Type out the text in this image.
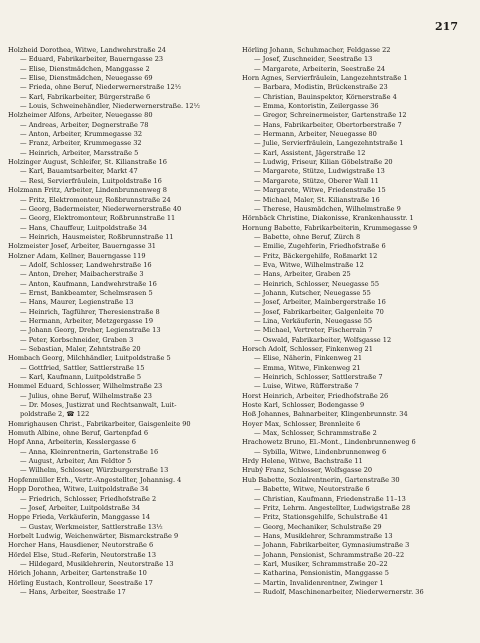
217
Holzheid Dorothea, Witwe, Landwehrstraße 24
— Eduard, Fabrikarbeiter, Bauerngasse 23
— Elise, Dienstmädchen, Manggasse 2
— Elise, Dienstmädchen, Neuegasse 69
— Frieda, ohne Beruf, Niederwernerstraße 12½
— Karl, Fabrikarbeiter, Bürgerstraße 6
— Louis, Schweinehändler, Niederwernerstraße. 12½
Holzheimer Alfons, Arbeiter, Neuegasse 80
— Andreas, Arbeiter, Degnerstraße 78
— Anton, Arbeiter, Krummegasse 32
— Franz, Arbeiter, Krummegasse 32
— Heinrich, Arbeiter, Marsstraße 5
Holzinger August, Schleifer, St. Kilianstraße 16
— Karl, Bauamtsarbeiter, Markt 47
— Resi, Servierfräulein, Luitpoldstraße 16
Holzmann Fritz, Arbeiter, Lindenbrunnenweg 8
— Fritz, Elektromonteur, Roßbrunnstraße 24
— Georg, Badermeister, Niederwernerstraße 40
— Georg, Elektromonteur, Roßbrunnstraße 11
— Hans, Chauffeur, Luitpoldstraße 34
— Heinrich, Hausmeister, Roßbrunnstraße 11
Holzmeister Josef, Arbeiter, Bauerngasse 31
Holzner Adam, Kellner, Bauerngasse 119
— Adolf, Schlosser, Landwehrstraße 16
— Anton, Dreher, Maibacherstraße 3
— Anton, Kaufmann, Landwehrstraße 16
— Ernst, Bankbeamter, Schelmsrasen 5
— Hans, Maurer, Legienstraße 13
— Heinrich, Tagführer, Theresienstraße 8
— Hermann, Arbeiter, Metzgergasse 19
— Johann Georg, Dreher, Legienstraße 13
— Peter, Korbschneider, Graben 3
— Sebastian, Maler, Zehntstraße 20
Hombach Georg, Milchhändler, Luitpoldstraße 5
— Gottfried, Sattler, Sattlerstraße 15
— Karl, Kaufmann, Luitpoldstraße 5
Hommel Eduard, Schlosser, Wilhelmstraße 23
— Julius, ohne Beruf, Wilhelmstraße 23
— Dr. Moses, Justizrat und Rechtsanwalt, Luit-
poldstraße 2, ☎ 122
Homrighausen Christ., Fabrikarbeiter, Gaisgenleite 90
Homuth Albine, ohne Beruf, Gartenpfad 6
Hopf Anna, Arbeiterin, Kesslergasse 6
— Anna, Kleinrentnerin, Gartenstraße 16
— August, Arbeiter, Am Feldtor 5
— Wilhelm, Schlosser, Würzburgerstraße 13
Hopfenmüller Erh., Vertr.-Angestellter, Johannisg. 4
Hopp Dorothea, Witwe, Luitpoldstraße 34
— Friedrich, Schlosser, Friedhofstraße 2
— Josef, Arbeiter, Luitpoldstraße 34
Hoppe Frieda, Verkäuferin, Manggasse 14
— Gustav, Werkmeister, Sattlerstraße 13½
Horbelt Ludwig, Weichenwärter, Bismarckstraße 9
Horcher Hans, Hausdiener, Neutorstraße 6
Hördel Else, Stud.-Referin, Neutorstraße 13
— Hildegard, Musiklehrerin, Neutorstraße 13
Hörich Johann, Arbeiter, Gartenstraße 10
Hörling Eustach, Kontrolleur, Seestraße 17
— Hans, Arbeiter, Seestraße 17
Hörling Johann, Schuhmacher, Feldgasse 22
— Josef, Zuschneider, Seestraße 13
— Margarete, Arbeiterin, Seestraße 24
Horn Agnes, Servierfräulein, Langezehntstraße 1
— Barbara, Modistin, Brückenstraße 23
— Christian, Bauinspektor, Körnerstraße 4
— Emma, Kontoristin, Zeilergasse 36
— Gregor, Schreinermeister, Gartenstraße 12
— Hans, Fabrikarbeiter, Obertorberstraße 7
— Hermann, Arbeiter, Neuegasse 80
— Julie, Servierfräulein, Langezehntstraße 1
— Karl, Assistent, Jägerstraße 12
— Ludwig, Friseur, Kilian Göbelstraße 20
— Margarete, Stütze, Ludwigstraße 13
— Margarete, Stütze, Oberer Wall 11
— Margarete, Witwe, Friedenstraße 15
— Michael, Maler, St. Kilianstraße 16
— Therese, Hausmädchen, Wilhelmstraße 9
Hörnbäck Christine, Diakonisse, Krankenhausstr. 1
Hornung Babette, Fabrikarbeiterin, Krummegasse 9
— Babette, ohne Beruf, Zürch 8
— Emilie, Zugehferin, Friedhofstraße 6
— Fritz, Bäckergehilfe, Roßmarkt 12
— Eva, Witwe, Wilhelmstraße 12
— Hans, Arbeiter, Graben 25
— Heinrich, Schlosser, Neuegasse 55
— Johann, Kutscher, Neuegasse 55
— Josef, Arbeiter, Mainbergerstraße 16
— Josef, Fabrikarbeiter, Galgenleite 70
— Lina, Verkäuferin, Neuegasse 55
— Michael, Vertreter, Fischerrain 7
— Oswald, Fabrikarbeiter, Wolfsgasse 12
Horsch Adolf, Schlosser, Finkenweg 21
— Elise, Näherin, Finkenweg 21
— Emma, Witwe, Finkenweg 21
— Heinrich, Schlosser, Sattlerstraße 7
— Luise, Witwe, Rüfferstraße 7
Horst Heinrich, Arbeiter, Friedhofstraße 26
Hoste Karl, Schlosser, Bodengasse 9
Hoß Johannes, Bahnarbeiter, Klingenbrunnstr. 34
Hoyer Max, Schlosser, Brennleite 6
— Max, Schlosser, Schrammstraße 2
Hrachowetz Bruno, El.-Mont., Lindenbrunnenweg 6
— Sybilla, Witwe, Lindenbrunnenweg 6
Hrdy Helene, Witwe, Bachstraße 11
Hrubý Franz, Schlosser, Wolfsgasse 20
Hub Babette, Sozialrentnerin, Gartenstraße 30
— Babette, Witwe, Neutorstraße 6
— Christian, Kaufmann, Friedenstraße 11–13
— Fritz, Lehrm. Angestellter, Ludwigstraße 28
— Fritz, Stationsgehilfe, Schulstraße 41
— Georg, Mechaniker, Schulstraße 29
— Hans, Musiklehrer, Schrammstraße 13
— Johann, Fabrikarbeiter, Gymnasiumstraße 3
— Johann, Pensionist, Schrammstraße 20–22
— Karl, Musiker, Schrammstraße 20–22
— Katharina, Pensionistin, Manggasse 5
— Martin, Invalidenrentner, Zwinger 1
— Rudolf, Maschinenarbeiter, Niederwernerstr. 36
